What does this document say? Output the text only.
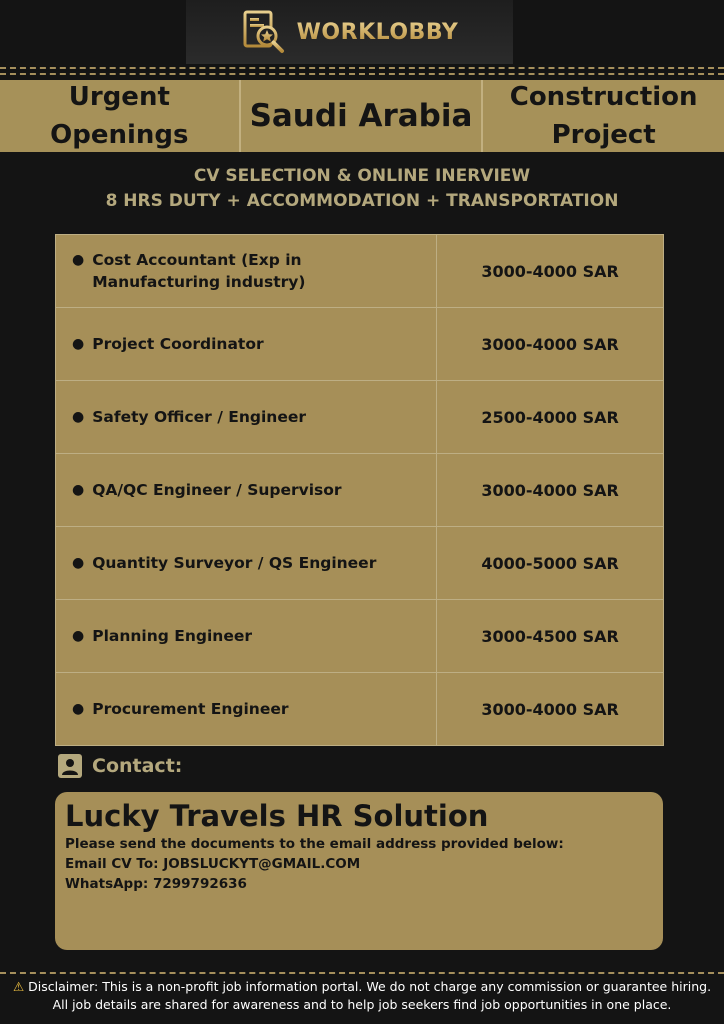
WORKLOBBY
Urgent
Openings
Saudi Arabia
Construction
Project
CV SELECTION & ONLINE INERVIEW
8 HRS DUTY + ACCOMMODATION + TRANSPORTATION
● Cost Accountant (Exp in Manufacturing industry)	3000-4000 SAR

● Project Coordinator	3000-4000 SAR

● Safety Officer / Engineer	2500-4000 SAR

● QA/QC Engineer / Supervisor	3000-4000 SAR

● Quantity Surveyor / QS Engineer	4000-5000 SAR

● Planning Engineer	3000-4500 SAR

● Procurement Engineer	3000-4000 SAR
Contact:
Lucky Travels HR Solution
Please send the documents to the email address provided below:
Email CV To: JOBSLUCKYT@GMAIL.COM
WhatsApp: 7299792636
⚠ Disclaimer: This is a non-profit job information portal. We do not charge any commission or guarantee hiring. All job details are shared for awareness and to help job seekers find job opportunities in one place.
